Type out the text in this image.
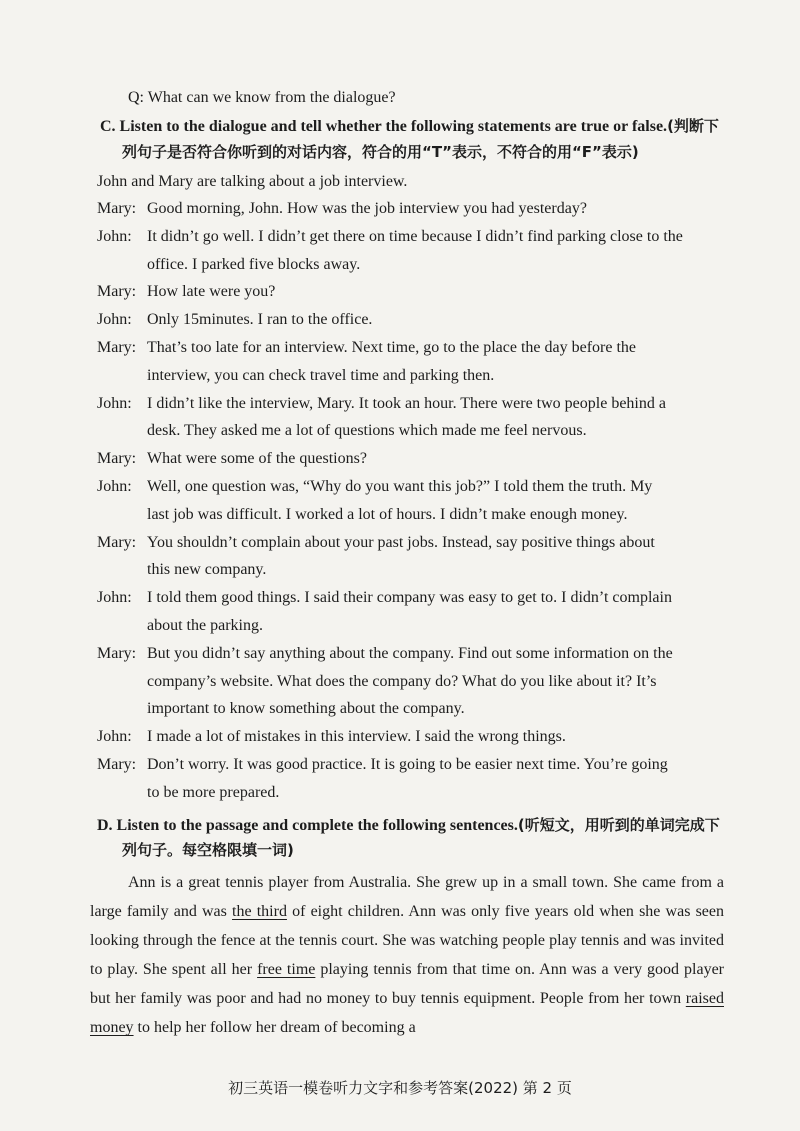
Q: What can we know from the dialogue?
C. Listen to the dialogue and tell whether the following statements are true or false.(判断下
列句子是否符合你听到的对话内容，符合的用“T”表示，不符合的用“F”表示)
John and Mary are talking about a job interview.
Mary: Good morning, John. How was the job interview you had yesterday?
John: It didn’t go well. I didn’t get there on time because I didn’t find parking close to the
office. I parked five blocks away.
Mary: How late were you?
John: Only 15minutes. I ran to the office.
Mary: That’s too late for an interview. Next time, go to the place the day before the
interview, you can check travel time and parking then.
John: I didn’t like the interview, Mary. It took an hour. There were two people behind a
desk. They asked me a lot of questions which made me feel nervous.
Mary: What were some of the questions?
John: Well, one question was, “Why do you want this job?” I told them the truth. My
last job was difficult. I worked a lot of hours. I didn’t make enough money.
Mary: You shouldn’t complain about your past jobs. Instead, say positive things about
this new company.
John: I told them good things. I said their company was easy to get to. I didn’t complain
about the parking.
Mary: But you didn’t say anything about the company. Find out some information on the
company’s website. What does the company do? What do you like about it? It’s
important to know something about the company.
John: I made a lot of mistakes in this interview. I said the wrong things.
Mary: Don’t worry. It was good practice. It is going to be easier next time. You’re going
to be more prepared.
D. Listen to the passage and complete the following sentences.(听短文，用听到的单词完成下
列句子。每空格限填一词)
Ann is a great tennis player from Australia. She grew up in a small town. She came from a large family and was the third of eight children. Ann was only five years old when she was seen looking through the fence at the tennis court. She was watching people play tennis and was invited to play. She spent all her free time playing tennis from that time on. Ann was a very good player but her family was poor and had no money to buy tennis equipment. People from her town raised money to help her follow her dream of becoming a
初三英语一模卷听力文字和参考答案(2022) 第 2 页
